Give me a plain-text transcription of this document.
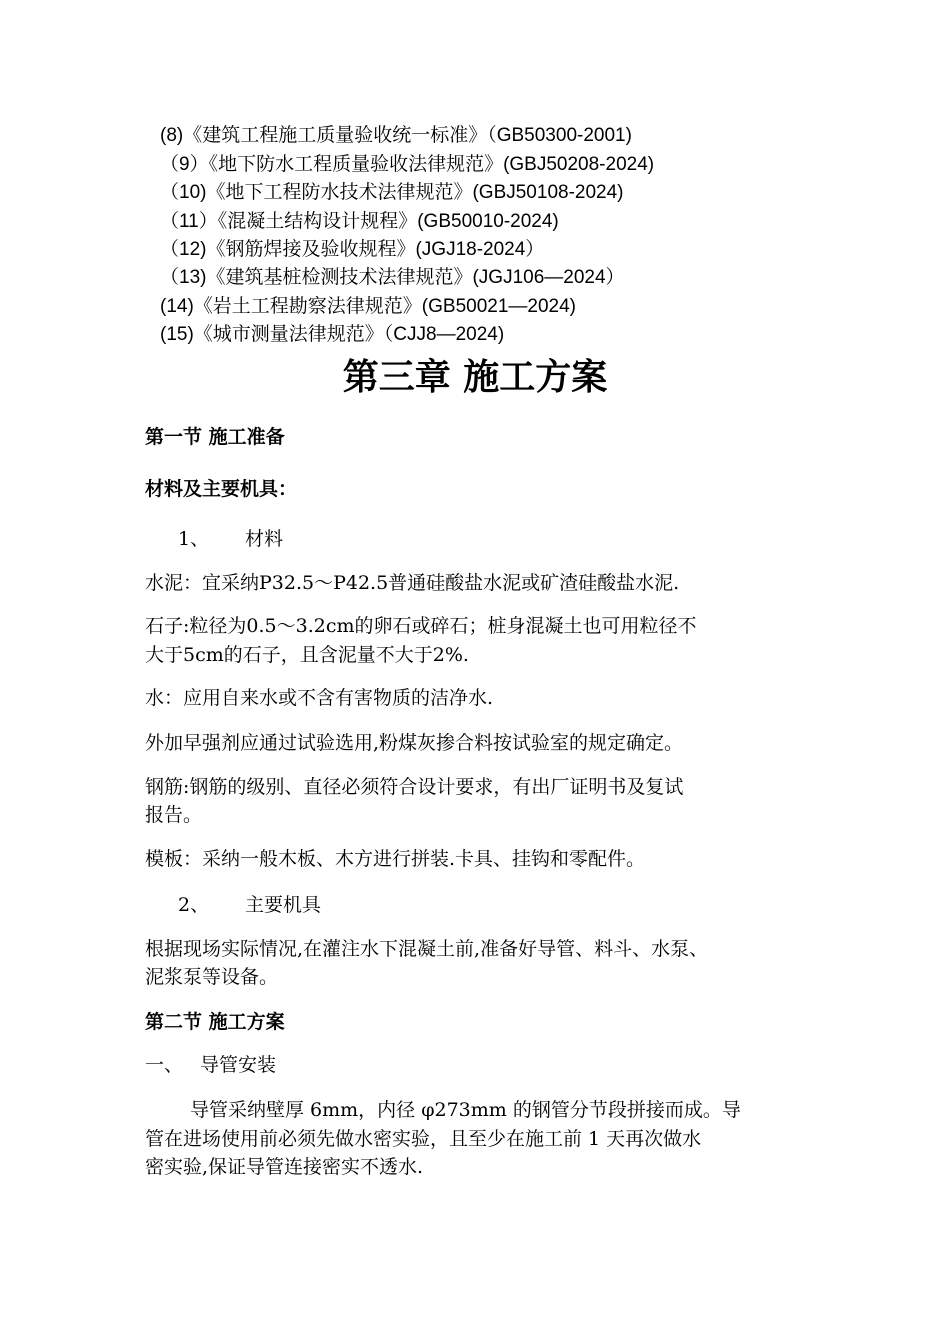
(8)《建筑工程施工质量验收统一标准》（GB50300-2001)
（9）《地下防水工程质量验收法律规范》(GBJ50208-2024)
（10)《地下工程防水技术法律规范》(GBJ50108-2024)
（11）《混凝土结构设计规程》(GB50010-2024)
（12)《钢筋焊接及验收规程》(JGJ18-2024）
（13)《建筑基桩检测技术法律规范》(JGJ106—2024）
(14)《岩土工程勘察法律规范》(GB50021—2024)
(15)《城市测量法律规范》（CJJ8—2024)
第三章 施工方案
第一节 施工准备
材料及主要机具：
1、 材料
水泥：宜采纳P32.5～P42.5普通硅酸盐水泥或矿渣硅酸盐水泥.
石子:粒径为0.5～3.2cm的卵石或碎石；桩身混凝土也可用粒径不
大于5cm的石子，且含泥量不大于2%.
水：应用自来水或不含有害物质的洁净水.
外加早强剂应通过试验选用,粉煤灰掺合料按试验室的规定确定。
钢筋:钢筋的级别、直径必须符合设计要求，有出厂证明书及复试
报告。
模板：采纳一般木板、木方进行拼装.卡具、挂钩和零配件。
2、 主要机具
根据现场实际情况,在灌注水下混凝土前,准备好导管、料斗、水泵、
泥浆泵等设备。
第二节 施工方案
一、 导管安装
导管采纳壁厚 6mm，内径 φ273mm 的钢管分节段拼接而成。导
管在进场使用前必须先做水密实验，且至少在施工前 1 天再次做水
密实验,保证导管连接密实不透水.
